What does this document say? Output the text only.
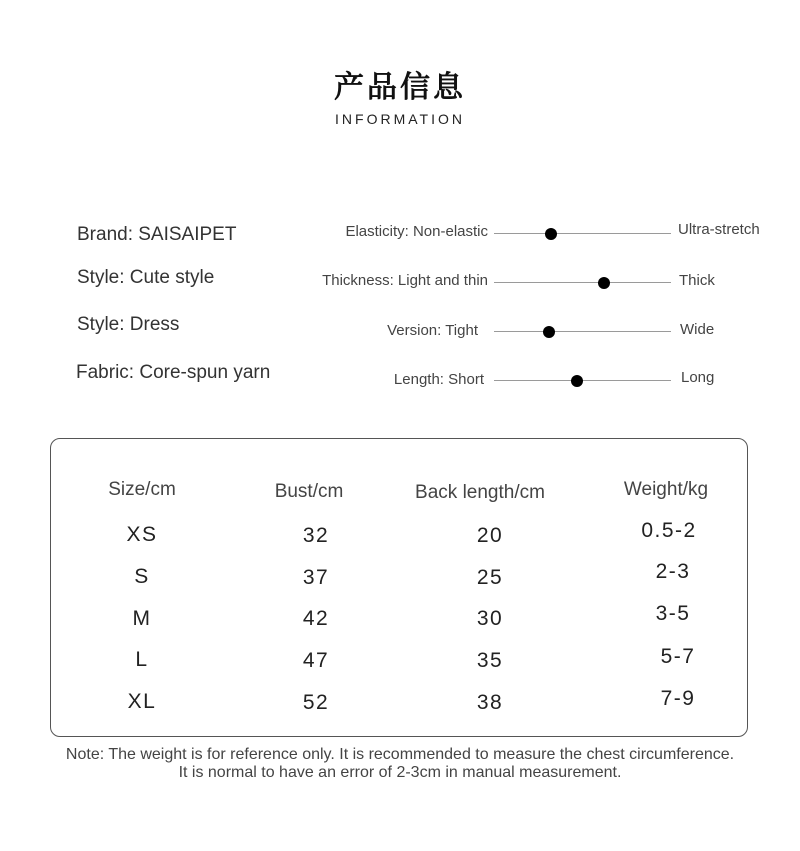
产品信息
INFORMATION
Brand: SAISAIPET
Style: Cute style
Style: Dress
Fabric: Core-spun yarn
Elasticity: Non-elastic	Ultra-stretch
Thickness: Light and thin	Thick
Version: Tight	Wide
Length: Short	Long
Size/cm	Bust/cm	Back length/cm	Weight/kg
XS	32	20	0.5-2
S	37	25	2-3
M	42	30	3-5
L	47	35	5-7
XL	52	38	7-9
Note: The weight is for reference only. It is recommended to measure the chest circumference. It is normal to have an error of 2-3cm in manual measurement.
